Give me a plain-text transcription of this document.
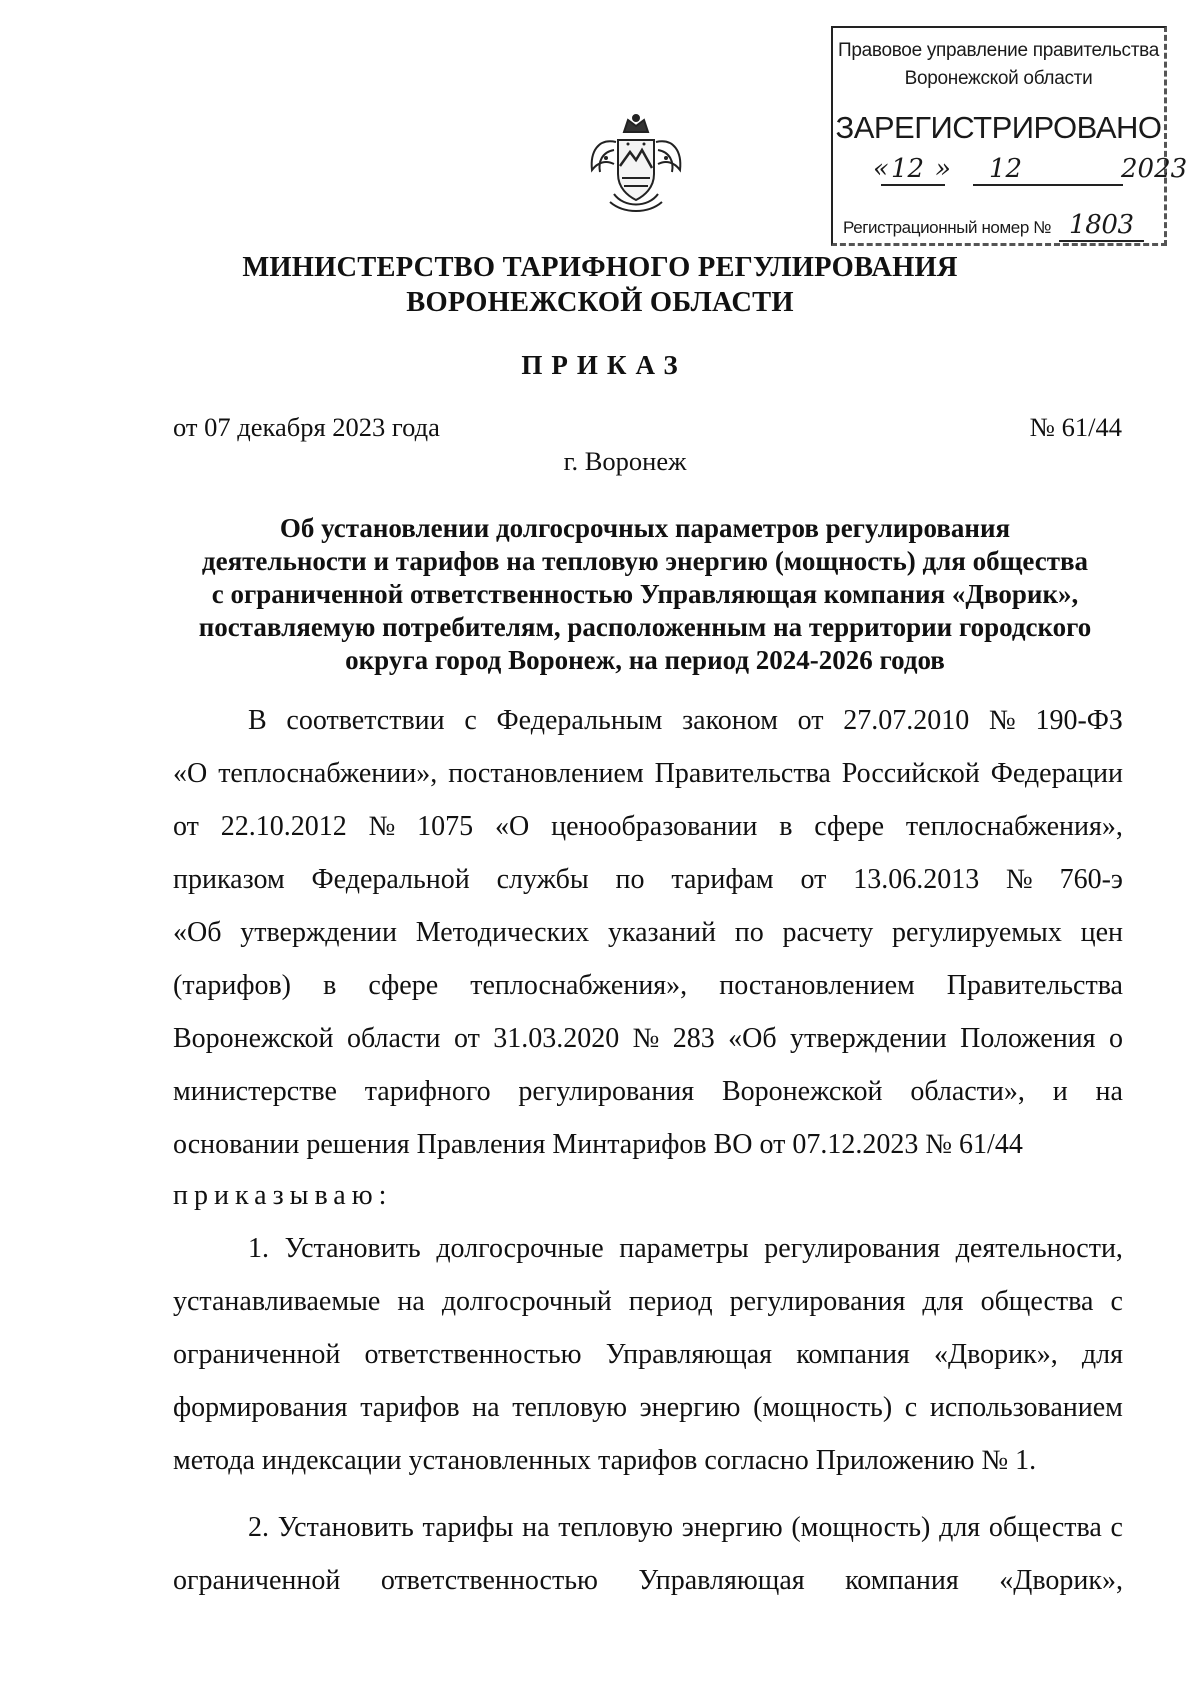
Правовое управление правительства
Воронежской области
ЗАРЕГИСТРИРОВАНО
« 12 » 12	2023
Регистрационный номер № 1803
МИНИСТЕРСТВО ТАРИФНОГО РЕГУЛИРОВАНИЯ
ВОРОНЕЖСКОЙ ОБЛАСТИ
ПРИКАЗ
от 07 декабря 2023 года	№ 61/44
г. Воронеж
Об установлении долгосрочных параметров регулирования
деятельности и тарифов на тепловую энергию (мощность) для общества
с ограниченной ответственностью Управляющая компания «Дворик»,
поставляемую потребителям, расположенным на территории городского
округа город Воронеж, на период 2024-2026 годов
В соответствии с Федеральным законом от 27.07.2010 № 190-ФЗ
«О теплоснабжении», постановлением Правительства Российской Федерации
от 22.10.2012 № 1075 «О ценообразовании в сфере теплоснабжения»,
приказом Федеральной службы по тарифам от 13.06.2013 № 760-э
«Об утверждении Методических указаний по расчету регулируемых цен
(тарифов) в сфере теплоснабжения», постановлением Правительства
Воронежской области от 31.03.2020 № 283 «Об утверждении Положения о
министерстве тарифного регулирования Воронежской области», и на
основании решения Правления Минтарифов ВО от 07.12.2023 № 61/44
приказываю:
1. Установить долгосрочные параметры регулирования деятельности,
устанавливаемые на долгосрочный период регулирования для общества с
ограниченной ответственностью Управляющая компания «Дворик», для
формирования тарифов на тепловую энергию (мощность) с использованием
метода индексации установленных тарифов согласно Приложению № 1.
2. Установить тарифы на тепловую энергию (мощность) для общества с
ограниченной ответственностью Управляющая компания «Дворик»,
